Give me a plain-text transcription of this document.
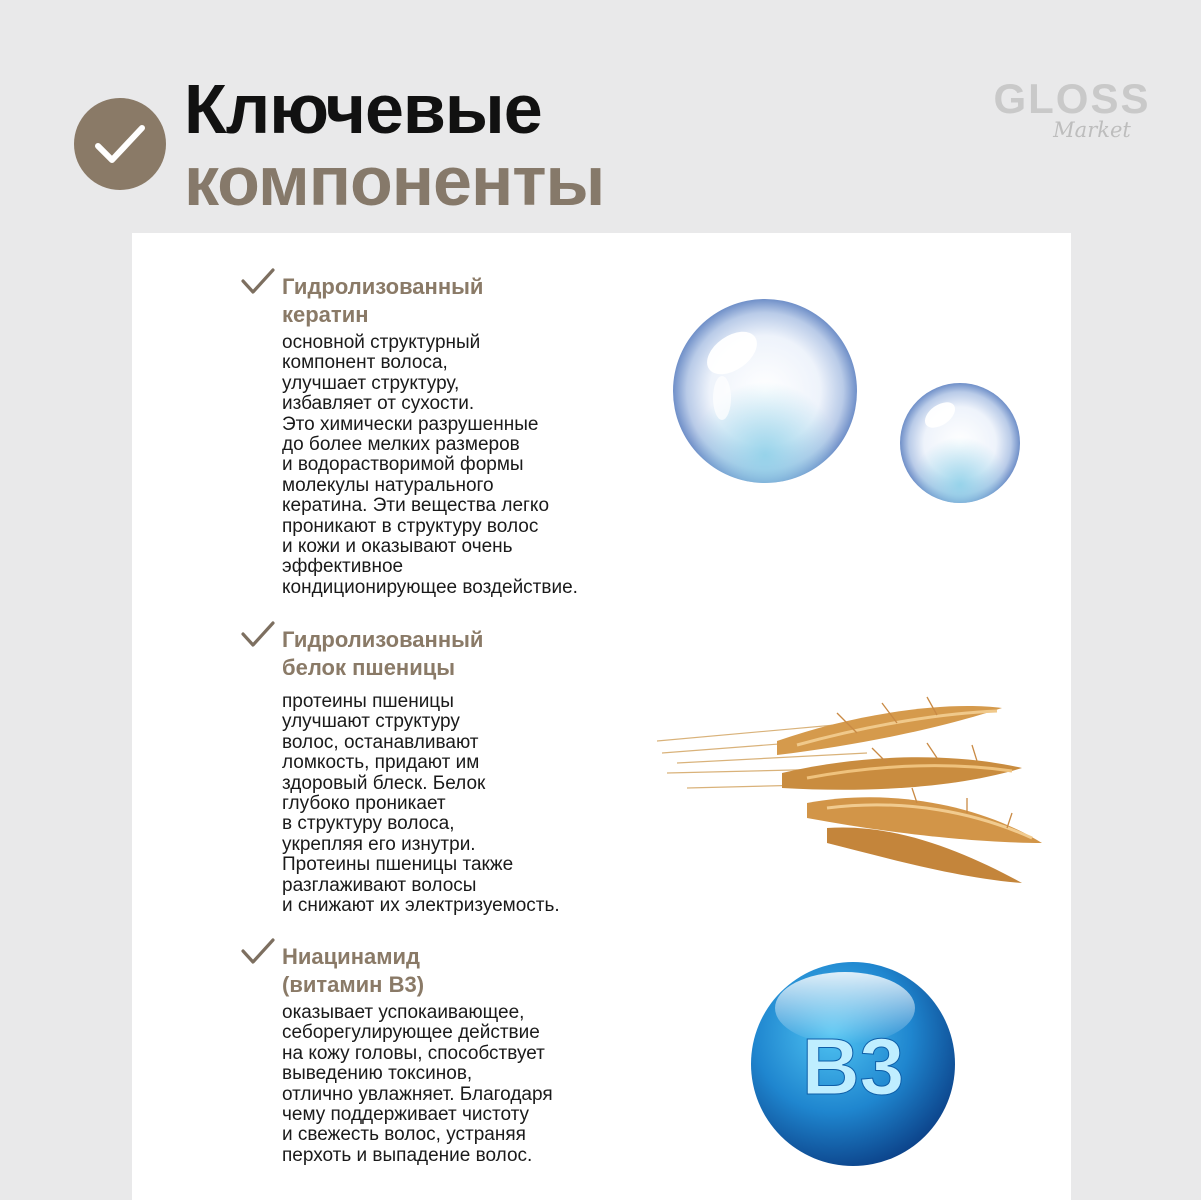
Ключевые
компоненты
GLOSS
Market
Гидролизованный
кератин
основной структурный
компонент волоса,
улучшает структуру,
избавляет от сухости.
Это химически разрушенные
до более мелких размеров
и водорастворимой формы
молекулы натурального
кератина. Эти вещества легко
проникают в структуру волос
и кожи и оказывают очень
эффективное
кондиционирующее воздействие.
Гидролизованный
белок пшеницы
протеины пшеницы
улучшают структуру
волос, останавливают
ломкость, придают им
здоровый блеск. Белок
глубоко проникает
в структуру волоса,
укрепляя его изнутри.
Протеины пшеницы также
разглаживают волосы
и снижают их электризуемость.
Ниацинамид
(витамин В3)
оказывает успокаивающее,
себорегулирующее действие
на кожу головы, способствует
выведению токсинов,
отлично увлажняет. Благодаря
чему поддерживает чистоту
и свежесть волос, устраняя
перхоть и выпадение волос.
B3
